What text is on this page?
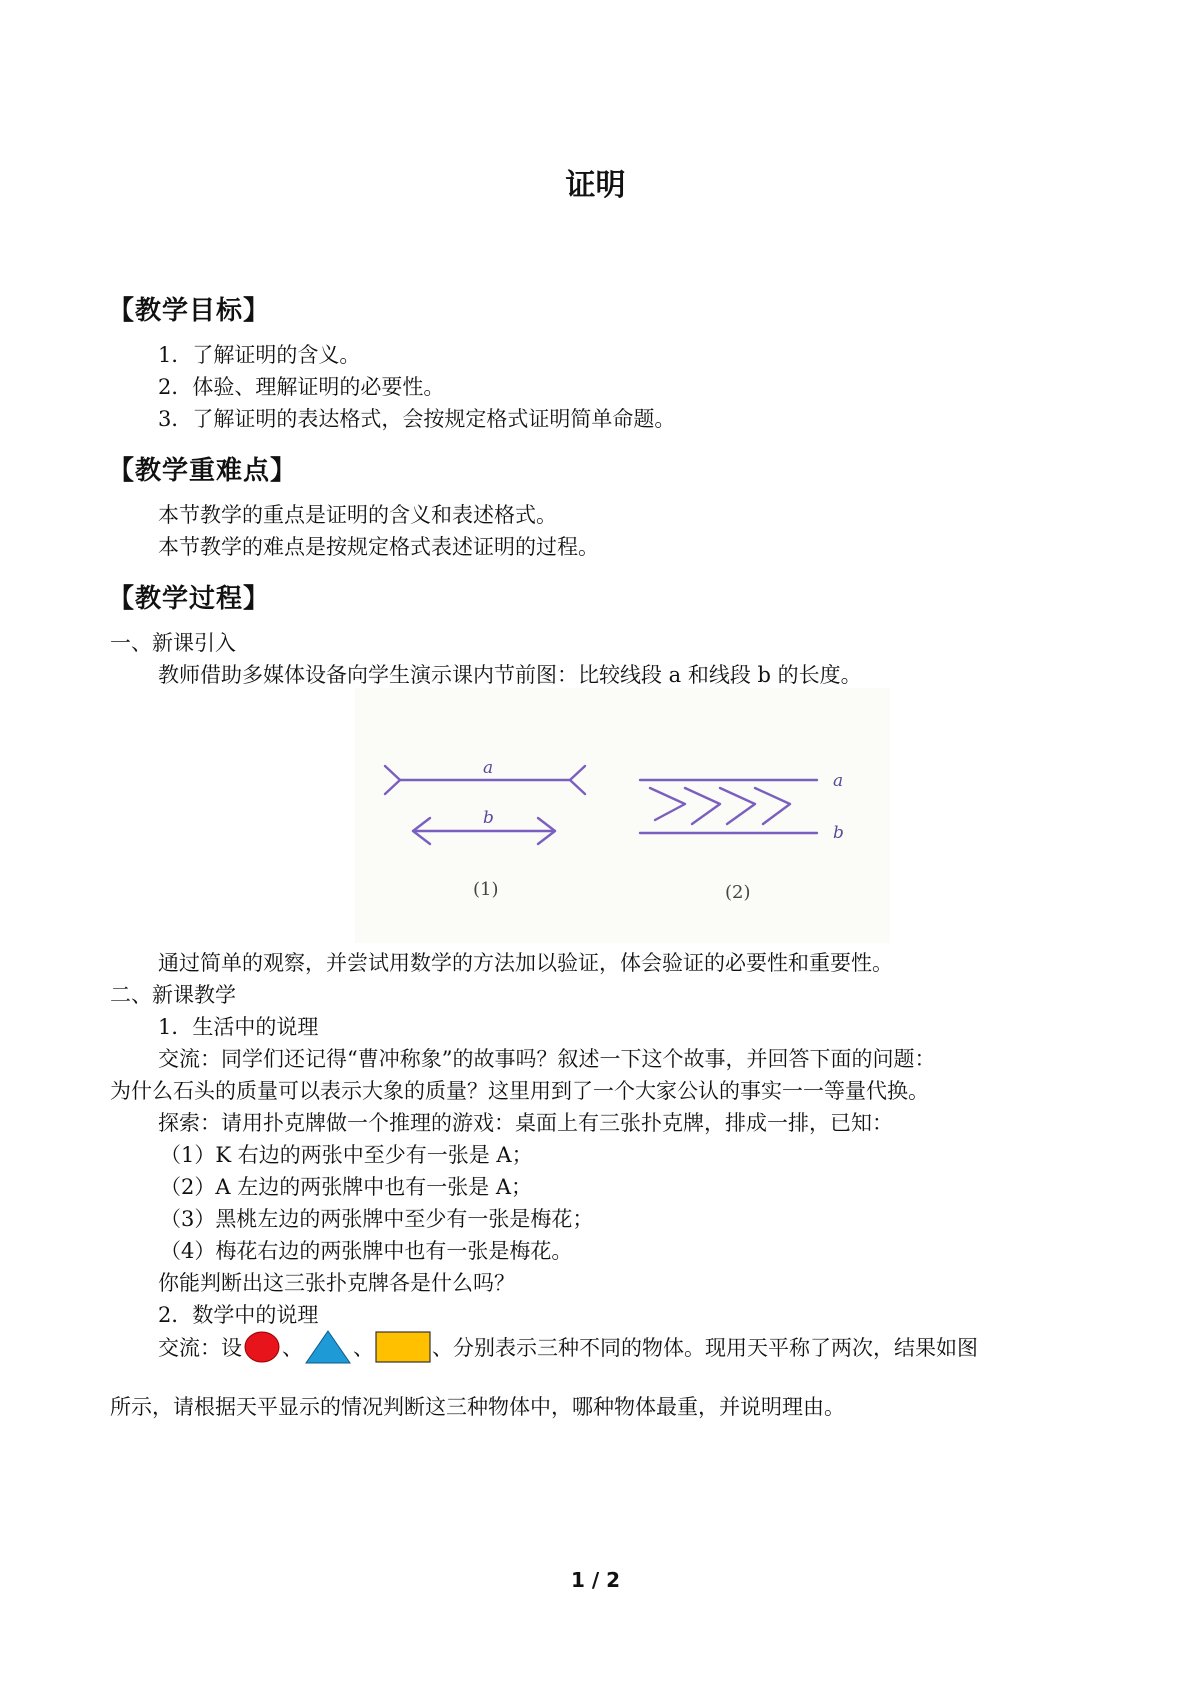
证明
【教学目标】
1．了解证明的含义。
2．体验、理解证明的必要性。
3．了解证明的表达格式，会按规定格式证明简单命题。
【教学重难点】
本节教学的重点是证明的含义和表述格式。
本节教学的难点是按规定格式表述证明的过程。
【教学过程】
一、新课引入
教师借助多媒体设备向学生演示课内节前图：比较线段 a 和线段 b 的长度。
a
b
a
b
(1)	(2)
通过简单的观察，并尝试用数学的方法加以验证，体会验证的必要性和重要性。
二、新课教学
1．生活中的说理
交流：同学们还记得“曹冲称象”的故事吗？叙述一下这个故事，并回答下面的问题：
为什么石头的质量可以表示大象的质量？这里用到了一个大家公认的事实一一等量代换。
探索：请用扑克牌做一个推理的游戏：桌面上有三张扑克牌，排成一排，已知：
（1）K 右边的两张中至少有一张是 A；
（2）A 左边的两张牌中也有一张是 A；
（3）黑桃左边的两张牌中至少有一张是梅花；
（4）梅花右边的两张牌中也有一张是梅花。
你能判断出这三张扑克牌各是什么吗？
2．数学中的说理
交流：设 、 、	、分别表示三种不同的物体。现用天平称了两次，结果如图
所示，请根据天平显示的情况判断这三种物体中，哪种物体最重，并说明理由。
1 / 2
